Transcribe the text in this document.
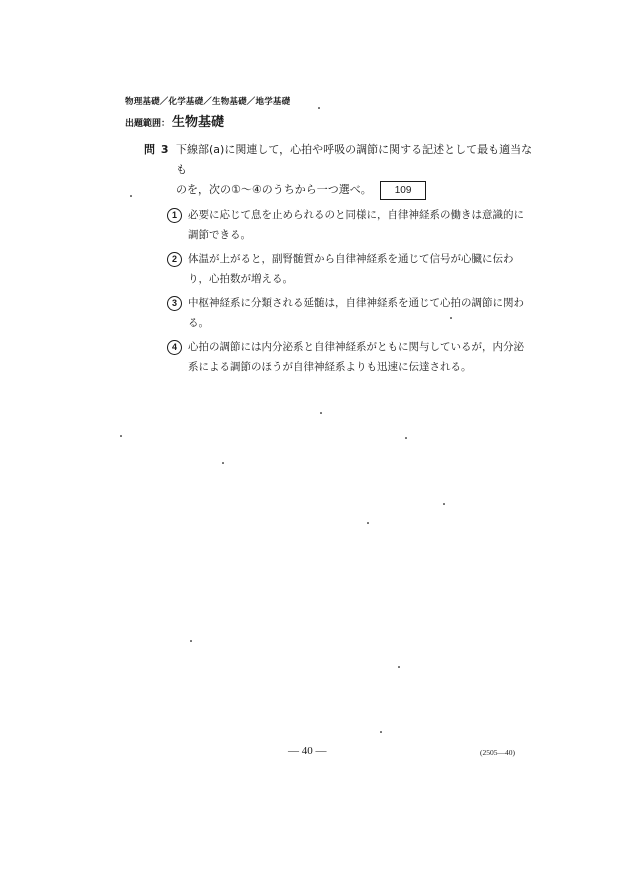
物理基礎／化学基礎／生物基礎／地学基礎
出題範囲： 生物基礎
問 3 下線部(a)に関連して，心拍や呼吸の調節に関する記述として最も適当なも
のを，次の①～④のうちから一つ選べ。	109
1	必要に応じて息を止められるのと同様に，自律神経系の働きは意識的に
調節できる。
2	体温が上がると，副腎髄質から自律神経系を通じて信号が心臓に伝わ
り，心拍数が増える。
3	中枢神経系に分類される延髄は，自律神経系を通じて心拍の調節に関わ
る。
4	心拍の調節には内分泌系と自律神経系がともに関与しているが，内分泌
系による調節のほうが自律神経系よりも迅速に伝達される。
― 40 ―	(2505―40)
